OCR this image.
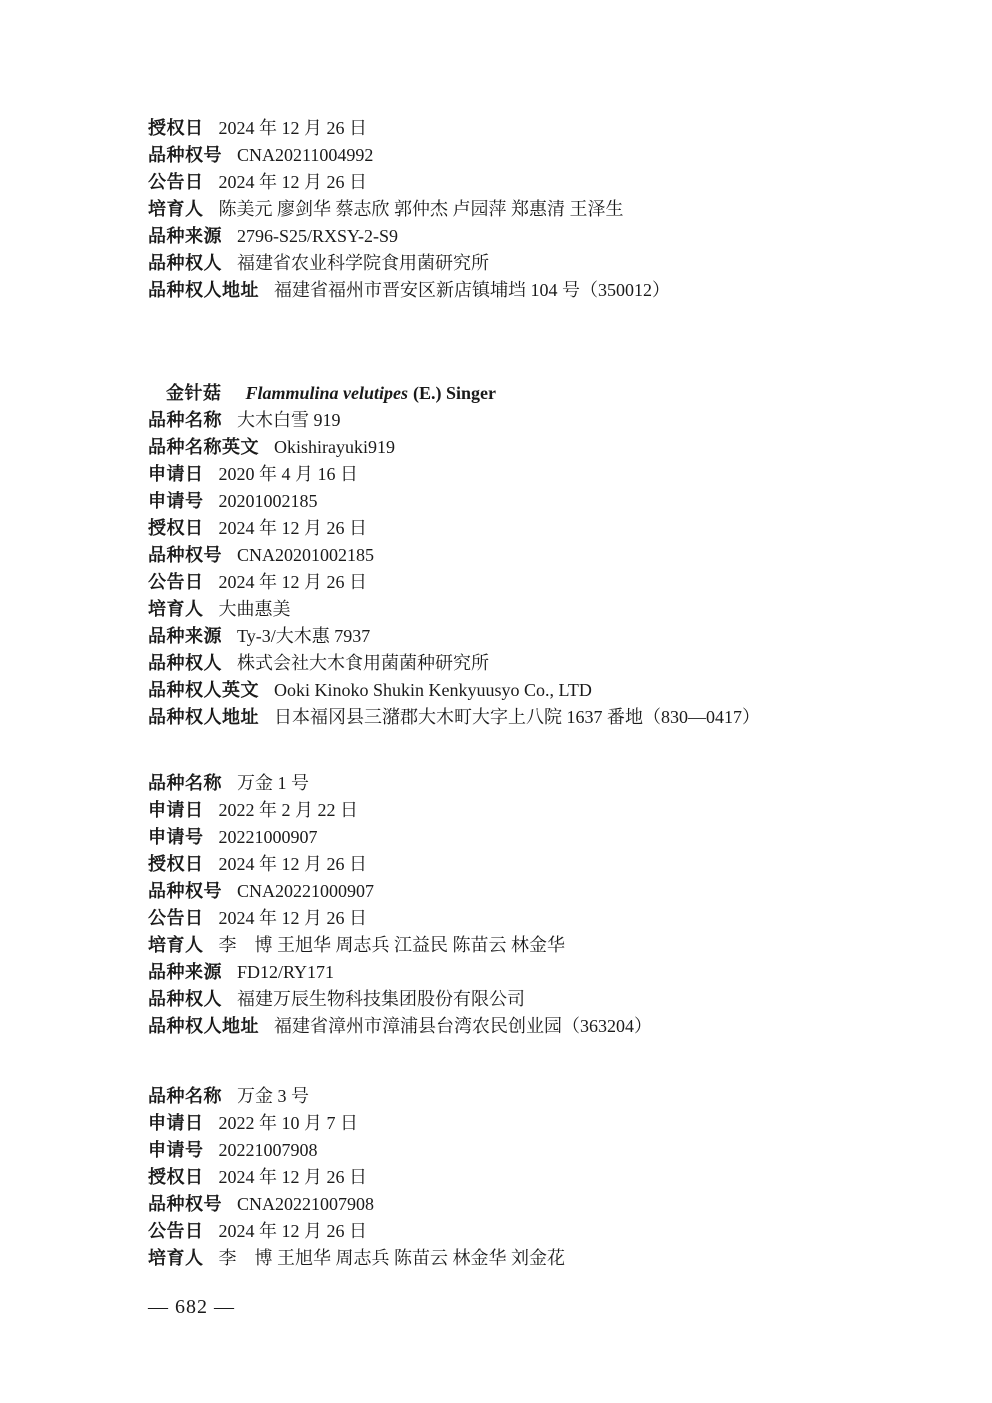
授权日 2024 年 12 月 26 日
品种权号 CNA20211004992
公告日 2024 年 12 月 26 日
培育人 陈美元 廖剑华 蔡志欣 郭仲杰 卢园萍 郑惠清 王泽生
品种来源 2796-S25/RXSY-2-S9
品种权人 福建省农业科学院食用菌研究所
品种权人地址 福建省福州市晋安区新店镇埔垱 104 号（350012）

金针菇 Flammulina velutipes (E.) Singer

品种名称 大木白雪 919
品种名称英文 Okishirayuki919
申请日 2020 年 4 月 16 日
申请号 20201002185
授权日 2024 年 12 月 26 日
品种权号 CNA20201002185
公告日 2024 年 12 月 26 日
培育人 大曲惠美
品种来源 Ty-3/大木惠 7937
品种权人 株式会社大木食用菌菌种研究所
品种权人英文 Ooki Kinoko Shukin Kenkyuusyo Co., LTD
品种权人地址 日本福冈县三潴郡大木町大字上八院 1637 番地（830—0417）
品种名称 万金 1 号
申请日 2022 年 2 月 22 日
申请号 20221000907
授权日 2024 年 12 月 26 日
品种权号 CNA20221000907
公告日 2024 年 12 月 26 日
培育人 李　博 王旭华 周志兵 江益民 陈苗云 林金华
品种来源 FD12/RY171
品种权人 福建万辰生物科技集团股份有限公司
品种权人地址 福建省漳州市漳浦县台湾农民创业园（363204）
品种名称 万金 3 号
申请日 2022 年 10 月 7 日
申请号 20221007908
授权日 2024 年 12 月 26 日
品种权号 CNA20221007908
公告日 2024 年 12 月 26 日
培育人 李　博 王旭华 周志兵 陈苗云 林金华 刘金花
— 682 —
